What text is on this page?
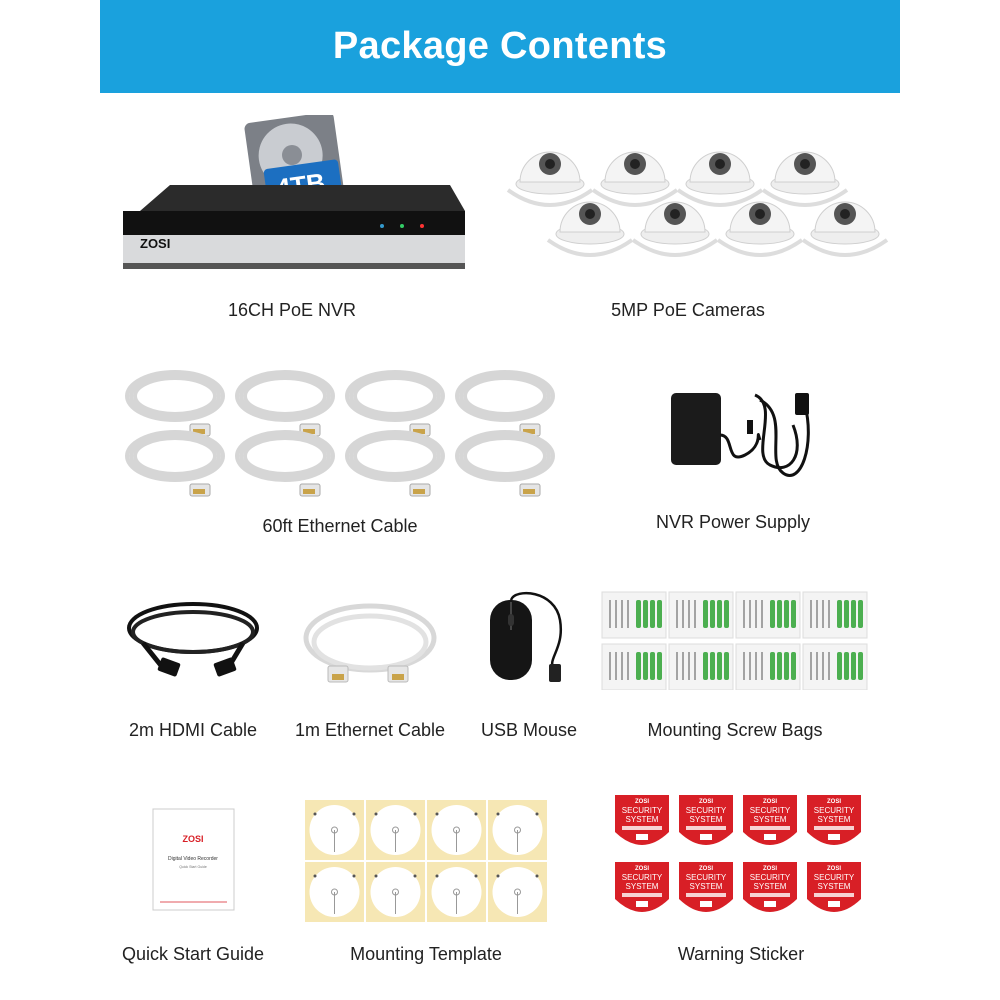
Package Contents
ZOSI
16CH PoE NVR	5MP PoE Cameras
60ft Ethernet Cable	NVR Power Supply
2m HDMI Cable 1m Ethernet Cable USB Mouse	Mounting Screw Bags
ZOSI
Digital Video Recorder
Quick Start Guide
Quick Start Guide	Mounting Template
ZOSI
SECURITY
SYSTEM
ZOSI
SECURITY
SYSTEM
ZOSI
SECURITY
SYSTEM
ZOSI
SECURITY
SYSTEM
ZOSI
SECURITY
SYSTEM
ZOSI
SECURITY
SYSTEM
ZOSI
SECURITY
SYSTEM
ZOSI
SECURITY
SYSTEM
Warning Sticker
